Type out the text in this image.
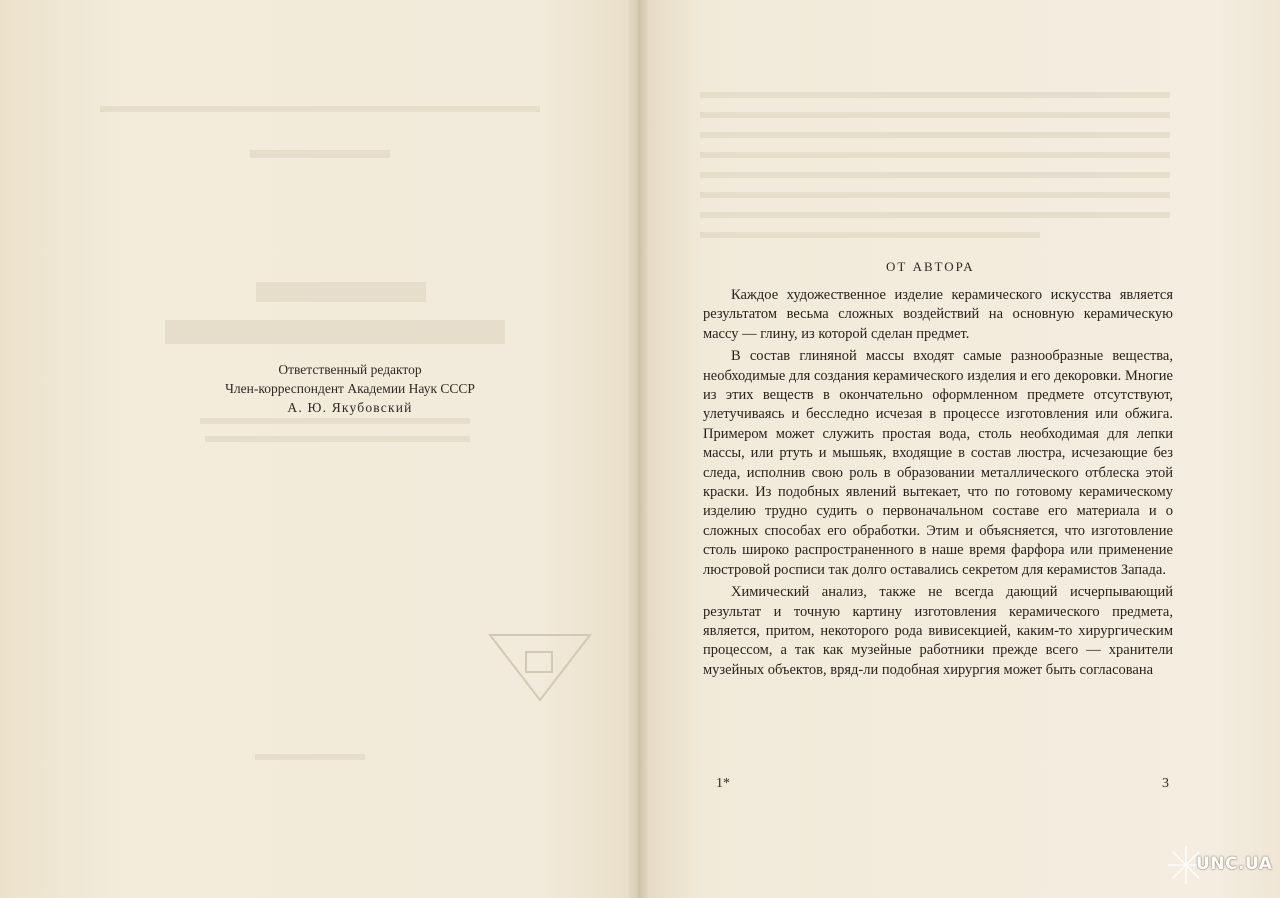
Ответственный редактор
Член-корреспондент Академии Наук СССР
А. Ю. Якубовский
ОТ АВТОРА
Каждое художественное изделие керамического искусства является результатом весьма сложных воздействий на основную керамическую массу — глину, из которой сделан предмет.
В состав глиняной массы входят самые разнообразные вещества, необходимые для создания керамического изделия и его декоровки. Многие из этих веществ в окончательно оформленном предмете отсутствуют, улетучиваясь и бесследно исчезая в процессе изготовления или обжига. Примером может служить простая вода, столь необходимая для лепки массы, или ртуть и мышьяк, входящие в состав люстра, исчезающие без следа, исполнив свою роль в образовании металлического отблеска этой краски. Из подобных явлений вытекает, что по готовому керамическому изделию трудно судить о первоначальном составе его материала и о сложных способах его обработки. Этим и объясняется, что изготовление столь широко распространенного в наше время фарфора или применение люстровой росписи так долго оставались секретом для керамистов Запада.
Химический анализ, также не всегда дающий исчерпывающий результат и точную картину изготовления керамического предмета, является, притом, некоторого рода вивисекцией, каким-то хирургическим процессом, а так как музейные работники прежде всего — хранители музейных объектов, вряд-ли подобная хирургия может быть согласована
1*	3
UNC.UA
